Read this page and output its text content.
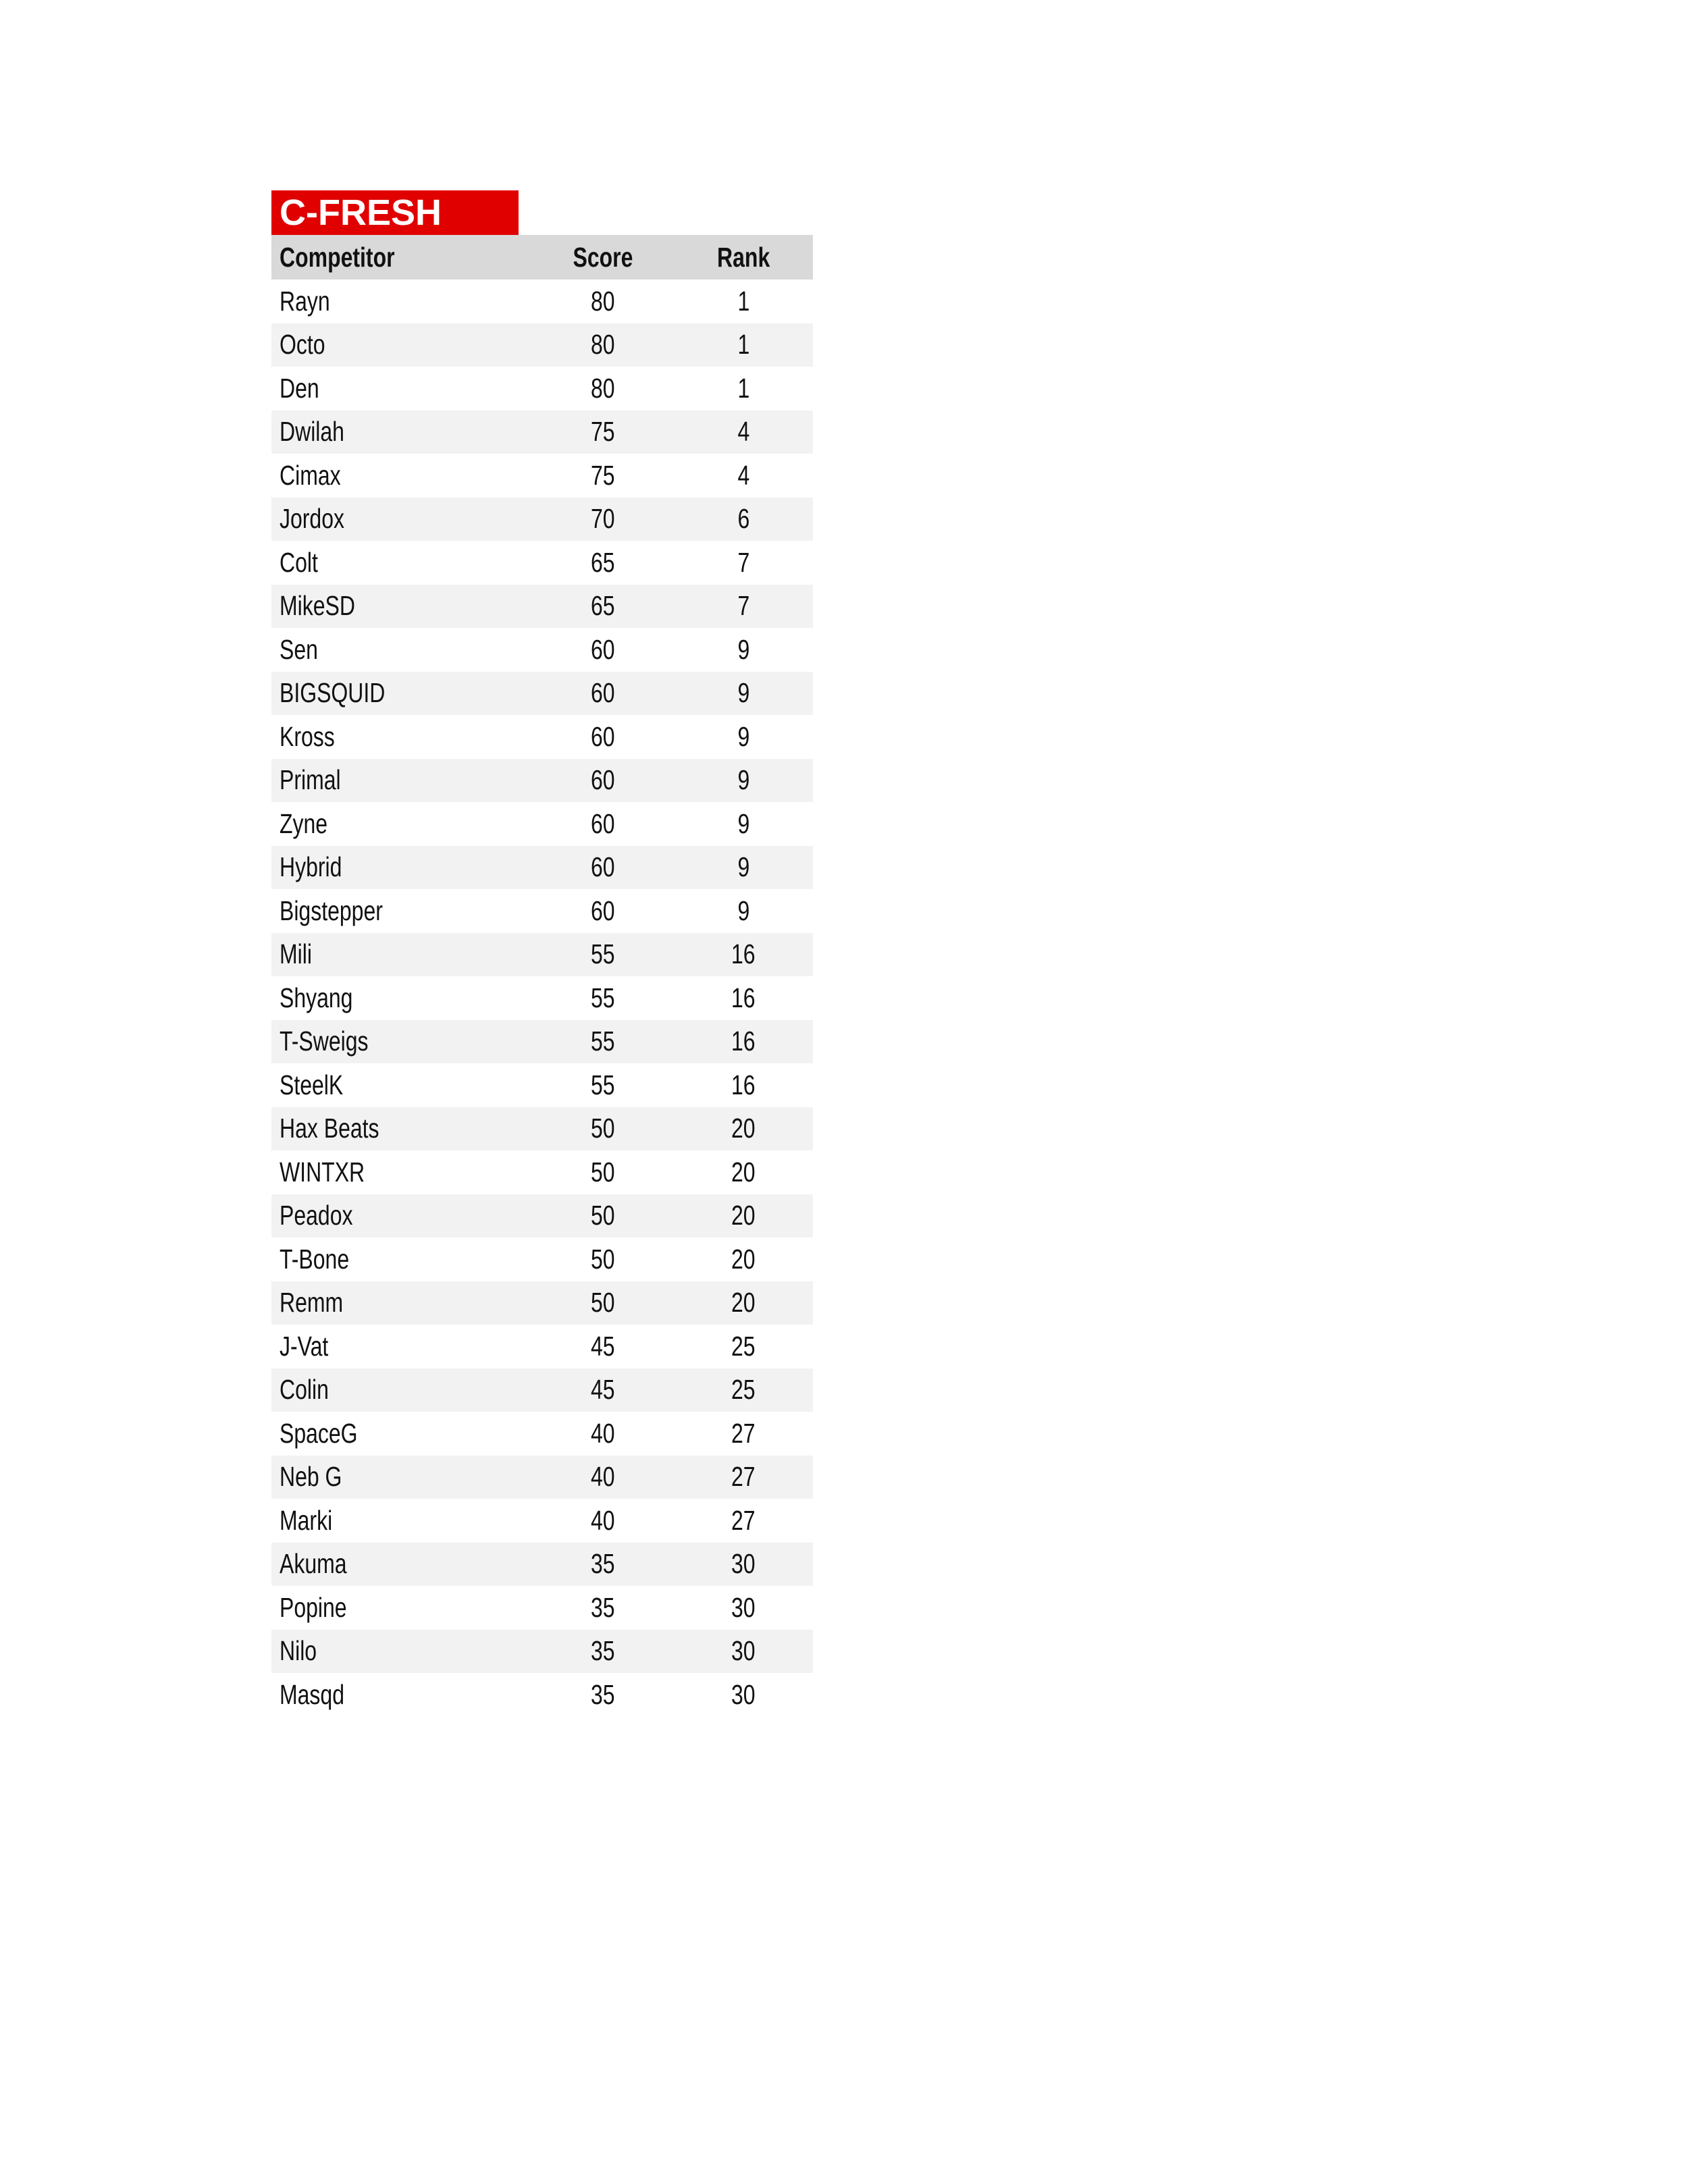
C-FRESH
Competitor	Score	Rank
Rayn	80	1
Octo	80	1
Den	80	1
Dwilah	75	4
Cimax	75	4
Jordox	70	6
Colt	65	7
MikeSD	65	7
Sen	60	9
BIGSQUID	60	9
Kross	60	9
Primal	60	9
Zyne	60	9
Hybrid	60	9
Bigstepper	60	9
Mili	55	16
Shyang	55	16
T-Sweigs	55	16
SteelK	55	16
Hax Beats	50	20
WINTXR	50	20
Peadox	50	20
T-Bone	50	20
Remm	50	20
J-Vat	45	25
Colin	45	25
SpaceG	40	27
Neb G	40	27
Marki	40	27
Akuma	35	30
Popine	35	30
Nilo	35	30
Masqd	35	30
